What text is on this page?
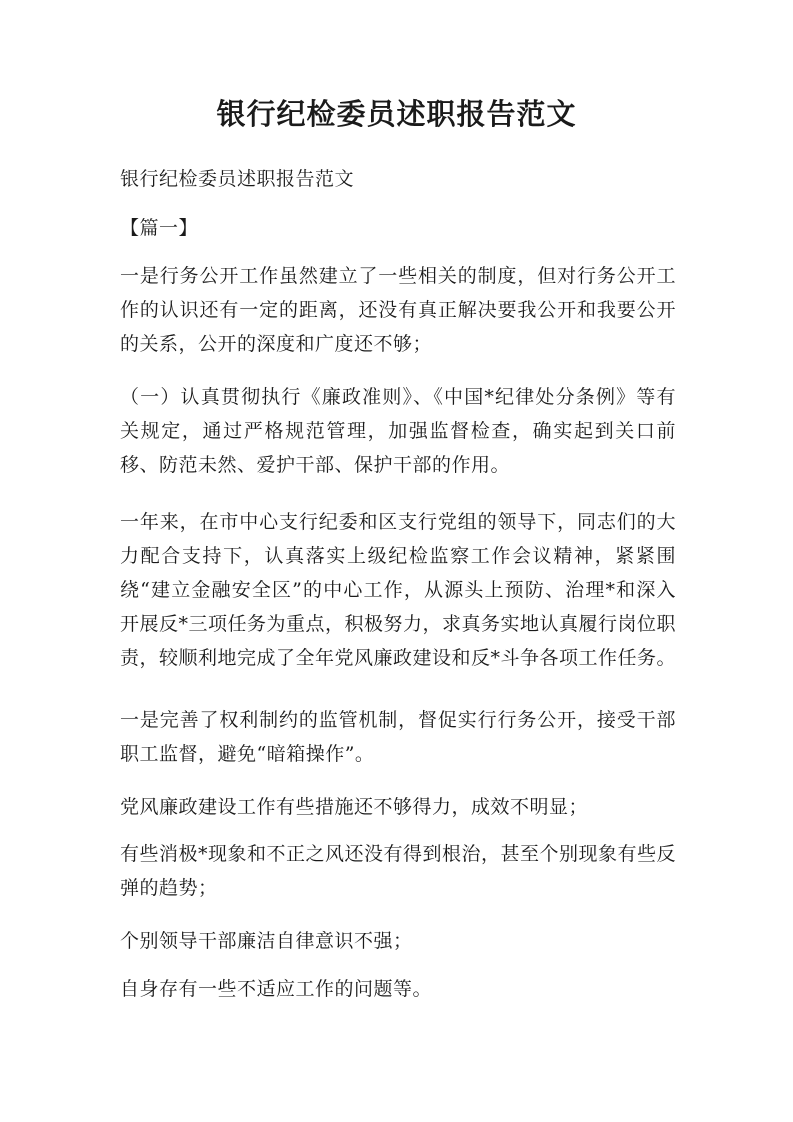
银行纪检委员述职报告范文

银行纪检委员述职报告范文

【篇一】

一是行务公开工作虽然建立了一些相关的制度，但对行务公开工作的认识还有一定的距离，还没有真正解决要我公开和我要公开的关系，公开的深度和广度还不够；

（一）认真贯彻执行《廉政准则》、《中国*纪律处分条例》等有关规定，通过严格规范管理，加强监督检查，确实起到关口前移、防范未然、爱护干部、保护干部的作用。

一年来，在市中心支行纪委和区支行党组的领导下，同志们的大力配合支持下，认真落实上级纪检监察工作会议精神，紧紧围绕“建立金融安全区”的中心工作，从源头上预防、治理*和深入开展反*三项任务为重点，积极努力，求真务实地认真履行岗位职责，较顺利地完成了全年党风廉政建设和反*斗争各项工作任务。

一是完善了权利制约的监管机制，督促实行行务公开，接受干部职工监督，避免“暗箱操作”。

党风廉政建设工作有些措施还不够得力，成效不明显；

有些消极*现象和不正之风还没有得到根治，甚至个别现象有些反弹的趋势；

个别领导干部廉洁自律意识不强；

自身存有一些不适应工作的问题等。
